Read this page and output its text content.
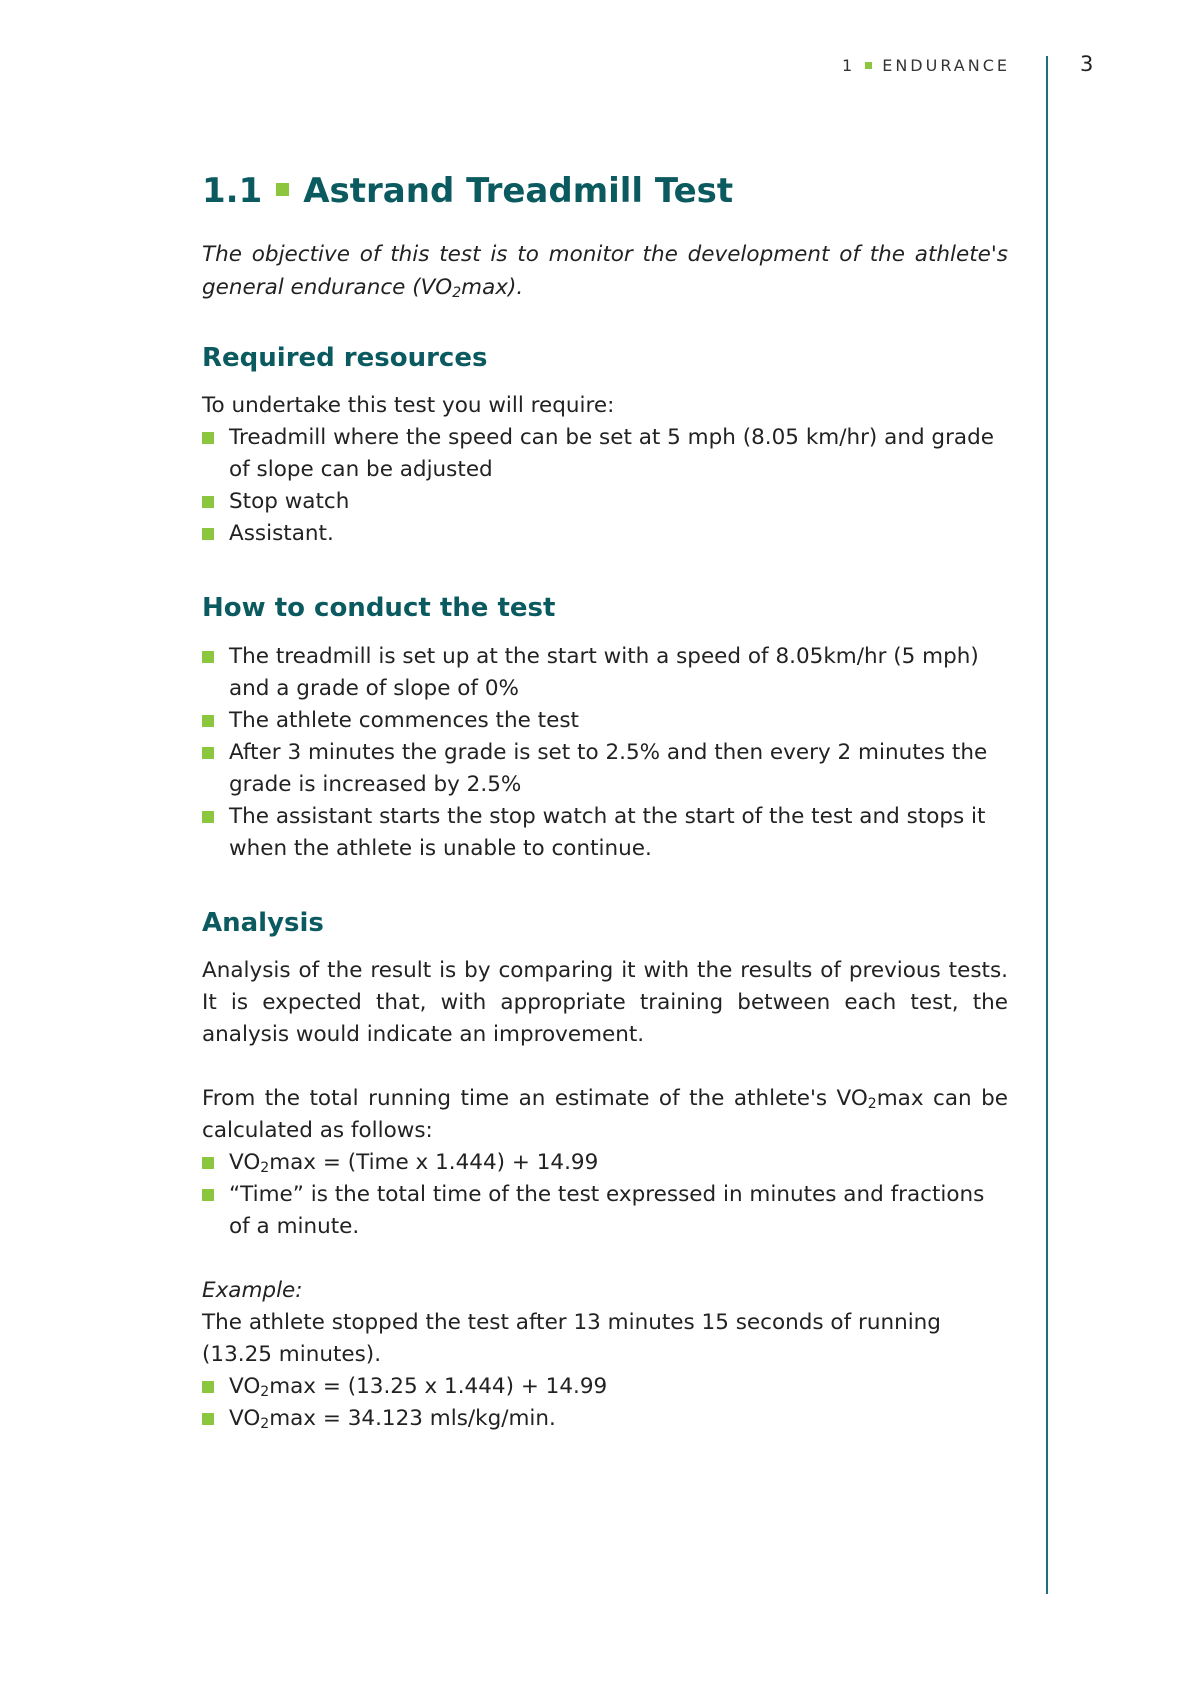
1 ENDURANCE	3
1.1 Astrand Treadmill Test

The objective of this test is to monitor the development of the athlete's general endurance $(VO_2\max)$.

Required resources

To undertake this test you will require:

Treadmill where the speed can be set at 5 mph (8.05 km/hr) and grade of slope can be adjusted
Stop watch
Assistant.
How to conduct the test
The treadmill is set up at the start with a speed of 8.05km/hr (5 mph) and a grade of slope of 0%
The athlete commences the test
After 3 minutes the grade is set to 2.5% and then every 2 minutes the grade is increased by 2.5%
The assistant starts the stop watch at the start of the test and stops it when the athlete is unable to continue.
Analysis

Analysis of the result is by comparing it with the results of previous tests. It is expected that, with appropriate training between each test, the analysis would indicate an improvement.

From the total running time an estimate of the athlete's $VO_2\max$ can be calculated as follows:

$VO_2\max$ = (Time x 1.444) + 14.99
“Time” is the total time of the test expressed in minutes and fractions of a minute.

Example:

The athlete stopped the test after 13 minutes 15 seconds of running (13.25 minutes).

$VO_2\max = (13.25$ x 1.444) + 14.99
$VO_2\max = 34.123$ mls/kg/min.
